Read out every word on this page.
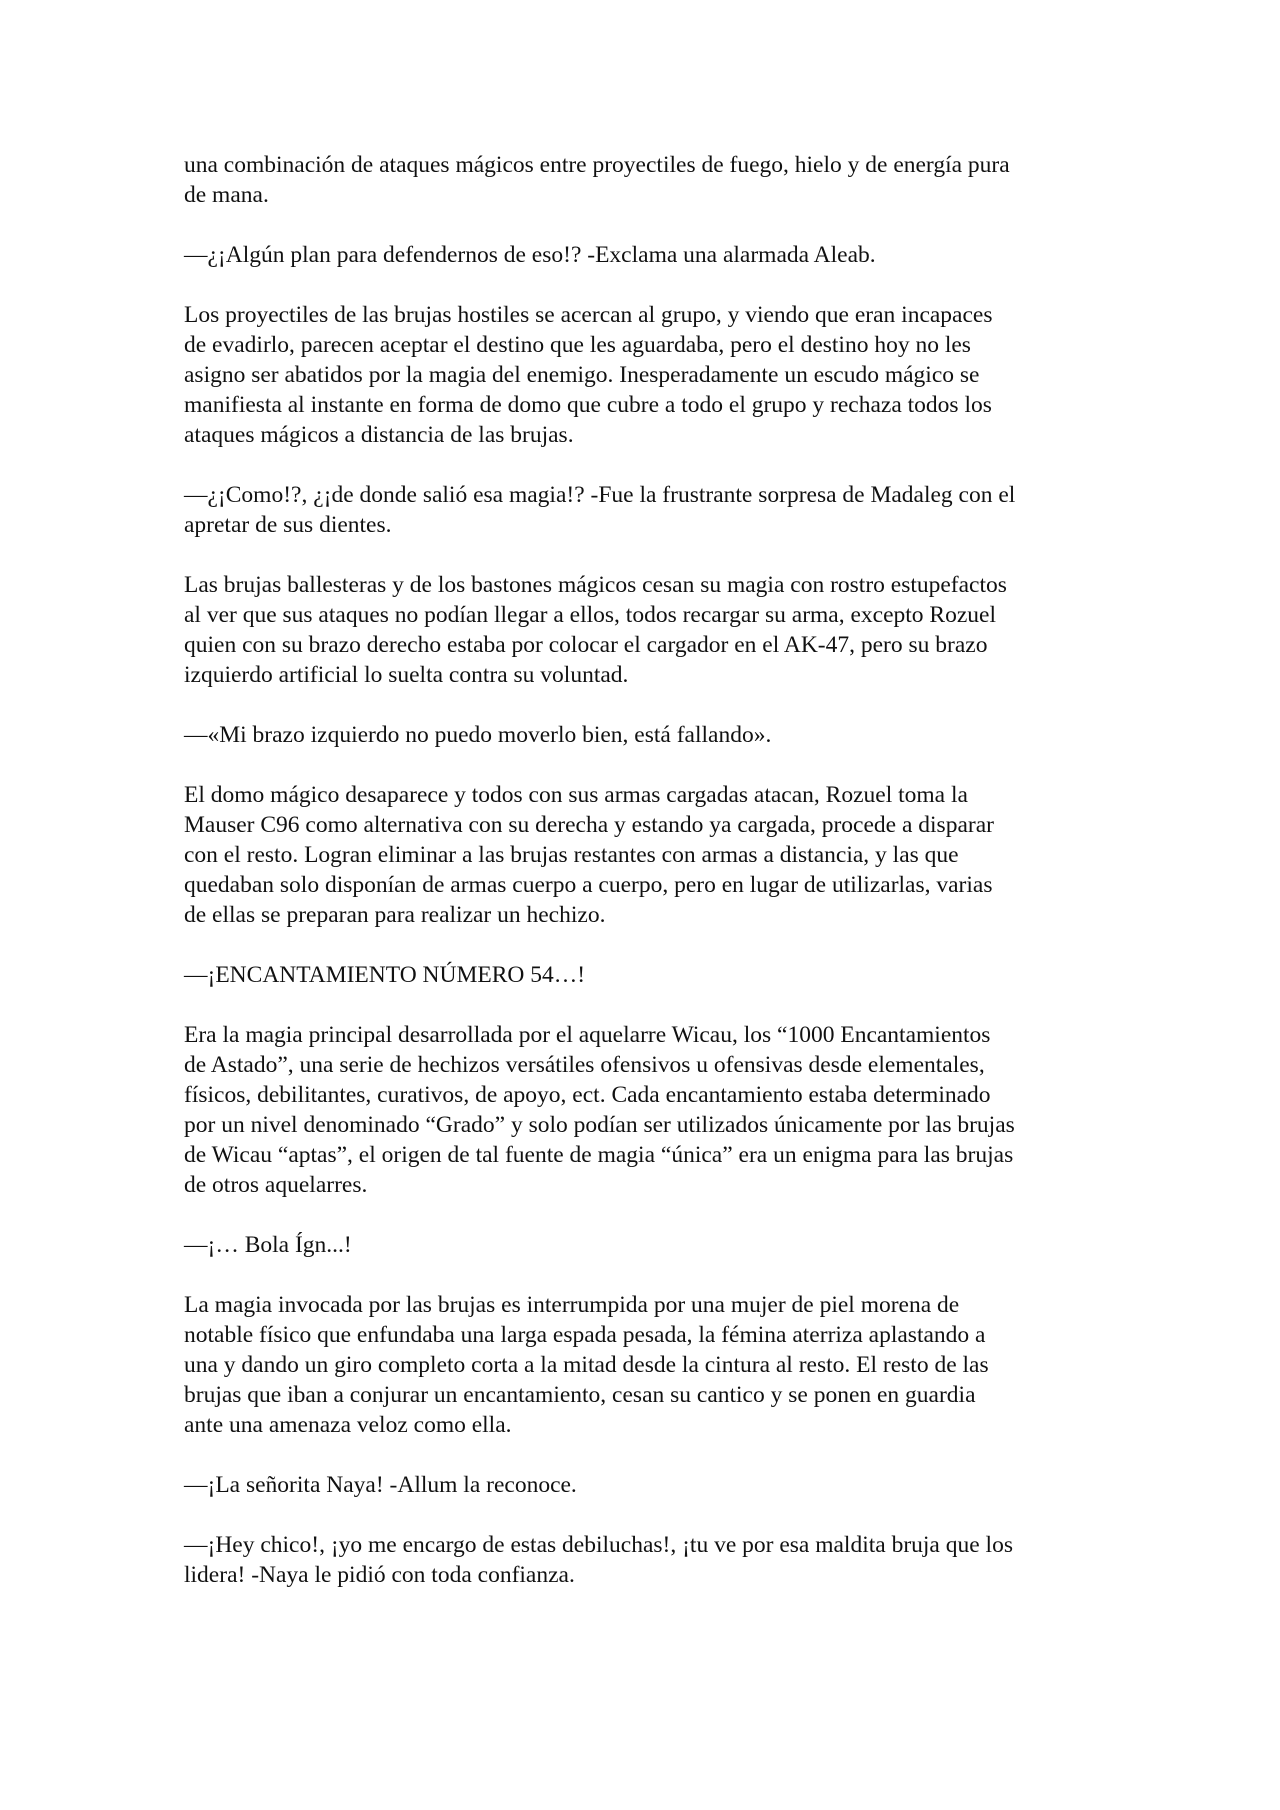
una combinación de ataques mágicos entre proyectiles de fuego, hielo y de energía pura
de mana.

—¿¡Algún plan para defendernos de eso!? -Exclama una alarmada Aleab.

Los proyectiles de las brujas hostiles se acercan al grupo, y viendo que eran incapaces
de evadirlo, parecen aceptar el destino que les aguardaba, pero el destino hoy no les
asigno ser abatidos por la magia del enemigo. Inesperadamente un escudo mágico se
manifiesta al instante en forma de domo que cubre a todo el grupo y rechaza todos los
ataques mágicos a distancia de las brujas.

—¿¡Como!?, ¿¡de donde salió esa magia!? -Fue la frustrante sorpresa de Madaleg con el
apretar de sus dientes.

Las brujas ballesteras y de los bastones mágicos cesan su magia con rostro estupefactos
al ver que sus ataques no podían llegar a ellos, todos recargar su arma, excepto Rozuel
quien con su brazo derecho estaba por colocar el cargador en el AK-47, pero su brazo
izquierdo artificial lo suelta contra su voluntad.

—«Mi brazo izquierdo no puedo moverlo bien, está fallando».

El domo mágico desaparece y todos con sus armas cargadas atacan, Rozuel toma la
Mauser C96 como alternativa con su derecha y estando ya cargada, procede a disparar
con el resto. Logran eliminar a las brujas restantes con armas a distancia, y las que
quedaban solo disponían de armas cuerpo a cuerpo, pero en lugar de utilizarlas, varias
de ellas se preparan para realizar un hechizo.

—¡ENCANTAMIENTO NÚMERO 54…!

Era la magia principal desarrollada por el aquelarre Wicau, los “1000 Encantamientos
de Astado”, una serie de hechizos versátiles ofensivos u ofensivas desde elementales,
físicos, debilitantes, curativos, de apoyo, ect. Cada encantamiento estaba determinado
por un nivel denominado “Grado” y solo podían ser utilizados únicamente por las brujas
de Wicau “aptas”, el origen de tal fuente de magia “única” era un enigma para las brujas
de otros aquelarres.

—¡… Bola Ígn...!

La magia invocada por las brujas es interrumpida por una mujer de piel morena de
notable físico que enfundaba una larga espada pesada, la fémina aterriza aplastando a
una y dando un giro completo corta a la mitad desde la cintura al resto. El resto de las
brujas que iban a conjurar un encantamiento, cesan su cantico y se ponen en guardia
ante una amenaza veloz como ella.

—¡La señorita Naya! -Allum la reconoce.

—¡Hey chico!, ¡yo me encargo de estas debiluchas!, ¡tu ve por esa maldita bruja que los
lidera! -Naya le pidió con toda confianza.
